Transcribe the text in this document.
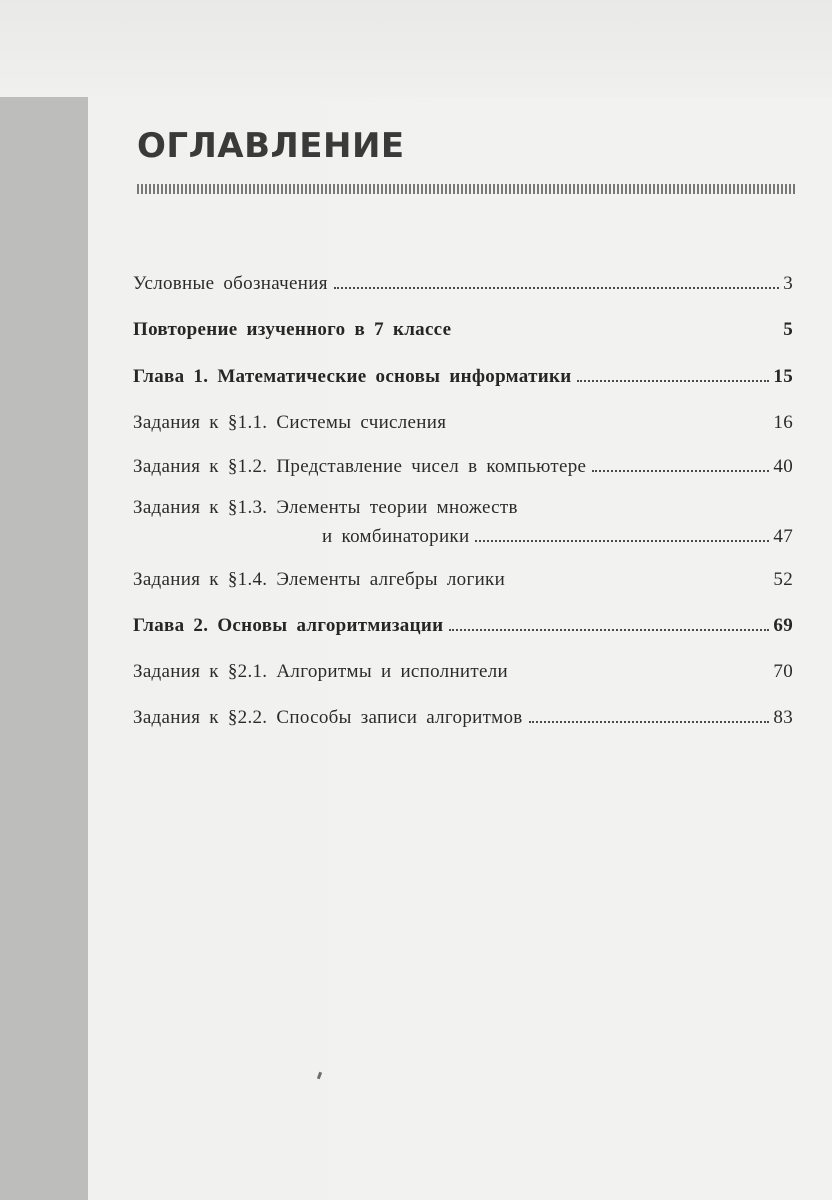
ОГЛАВЛЕНИЕ
Условные обозначения	3
Повторение изученного в 7 классе	5
Глава 1. Математические основы информатики	15
Задания к §1.1. Системы счисления	16
Задания к §1.2. Представление чисел в компьютере	40
Задания к §1.3. Элементы теории множеств
и комбинаторики	47
Задания к §1.4. Элементы алгебры логики	52
Глава 2. Основы алгоритмизации	69
Задания к §2.1. Алгоритмы и исполнители	70
Задания к §2.2. Способы записи алгоритмов	83
